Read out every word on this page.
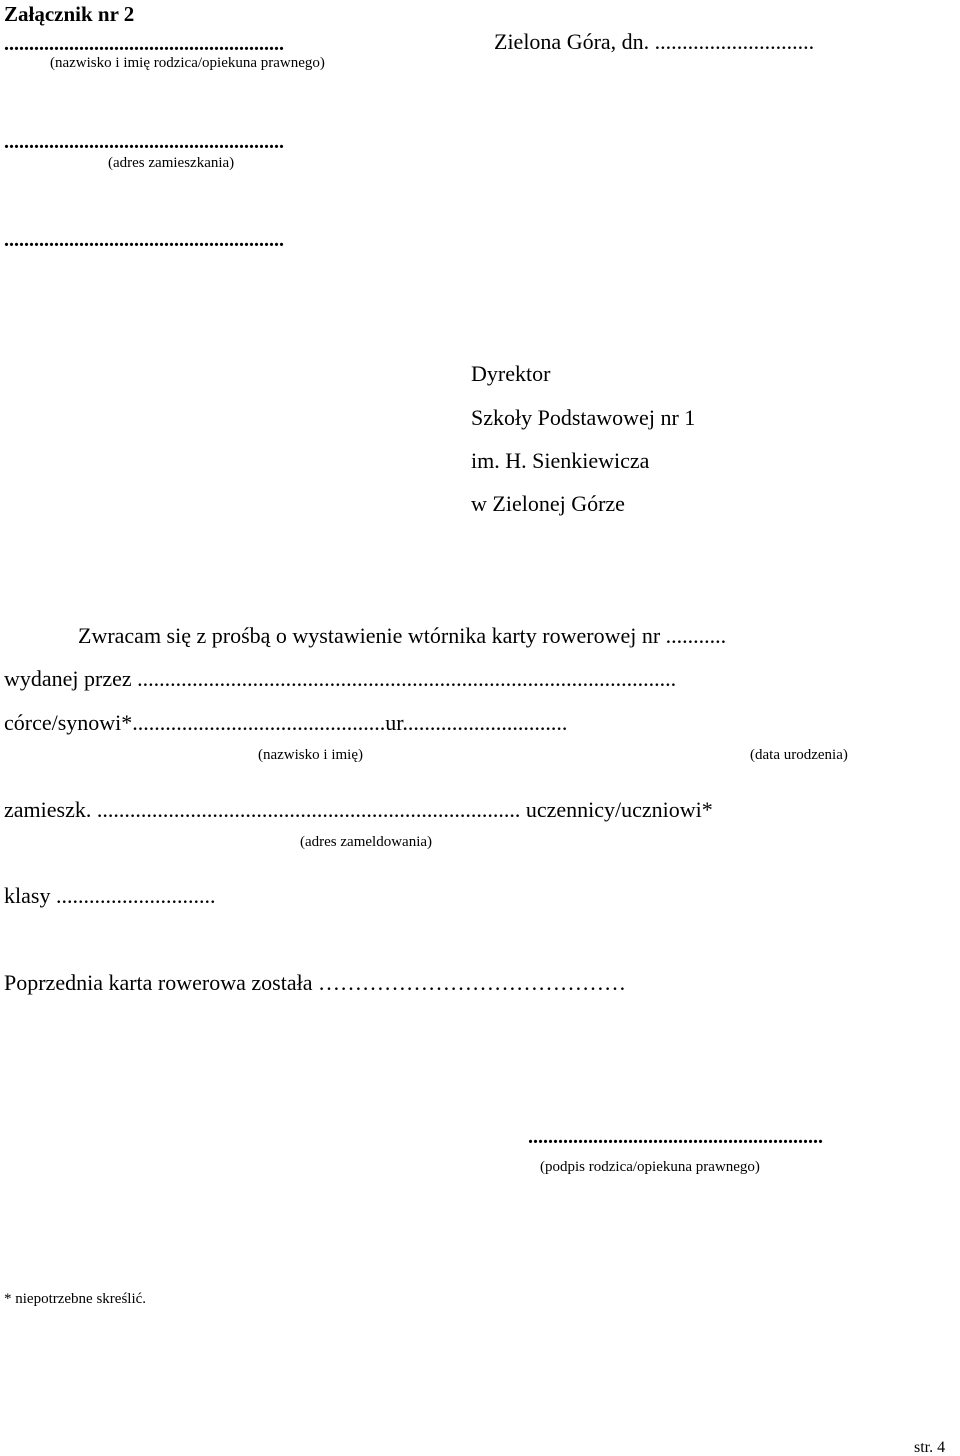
Załącznik nr 2
........................................................
(nazwisko i imię rodzica/opiekuna prawnego)
Zielona Góra, dn. .............................
........................................................
(adres zamieszkania)
........................................................
Dyrektor
Szkoły Podstawowej nr 1
im. H. Sienkiewicza
w Zielonej Górze
Zwracam się z prośbą o wystawienie wtórnika karty rowerowej nr ...........
wydanej przez ..................................................................................................
córce/synowi*..............................................ur..............................
(nazwisko i imię)	(data urodzenia)
zamieszk. ............................................................................. uczennicy/uczniowi*
(adres zameldowania)
klasy .............................
Poprzednia karta rowerowa została ……………………………………
...........................................................
(podpis rodzica/opiekuna prawnego)
* niepotrzebne skreślić.
str. 4
